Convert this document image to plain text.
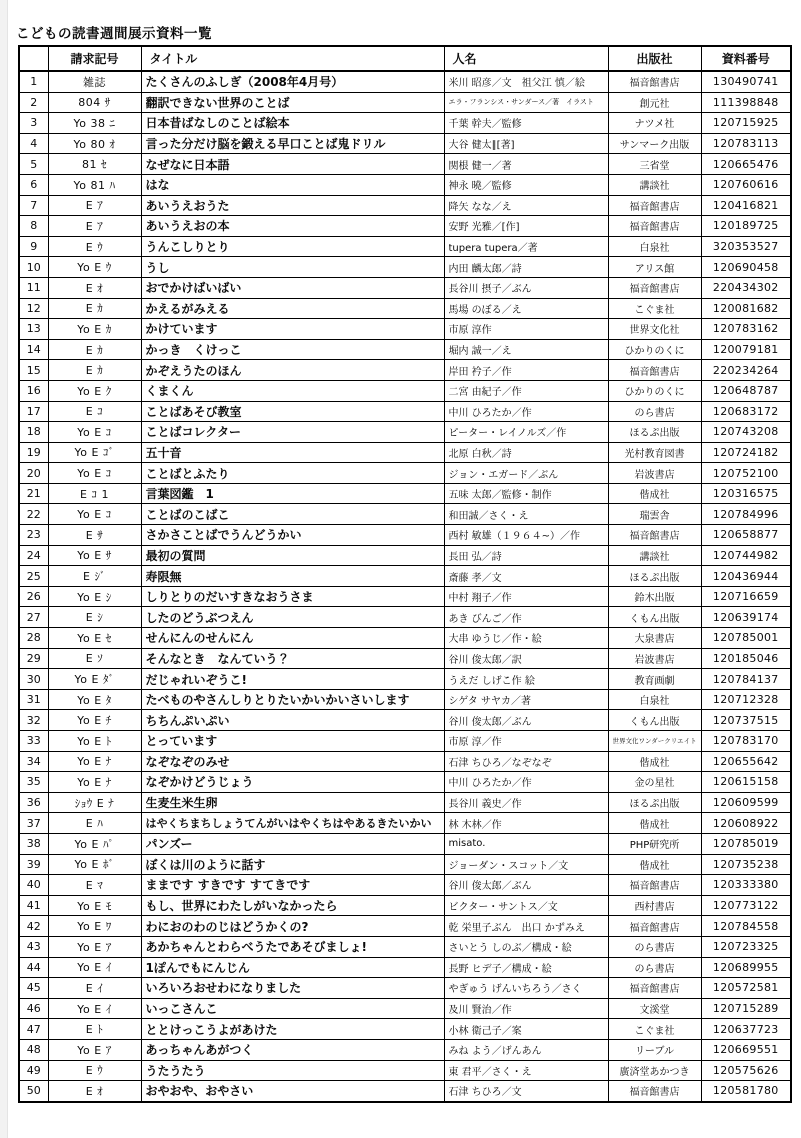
こどもの読書週間展示資料一覧
	請求記号	タイトル	人名	出版社	資料番号
1	雑誌	たくさんのふしぎ（2008年4月号）	米川 昭彦／文　祖父江 慎／絵	福音館書店	130490741
2	804 ｻ	翻訳できない世界のことば	エラ・フランシス・サンダース／著　イラスト	創元社	111398848
3	Yo 38 ﾆ	日本昔ばなしのことば絵本	千葉 幹夫／監修	ナツメ社	120715925
4	Yo 80 ｵ	言った分だけ脳を鍛える早口ことば鬼ドリル	大谷 健太∥[著]	サンマーク出版	120783113
5	81 ｾ	なぜなに日本語	関根 健一／著	三省堂	120665476
6	Yo 81 ﾊ	はな	神永 曉／監修	講談社	120760616
7	E ｱ	あいうえおうた	降矢 なな／え	福音館書店	120416821
8	E ｱ	あいうえおの本	安野 光雅／[作]	福音館書店	120189725
9	E ｳ	うんこしりとり	tupera tupera／著	白泉社	320353527
10	Yo E ｳ	うし	内田 麟太郎／詩	アリス館	120690458
11	E ｵ	おでかけばいばい	長谷川 摂子／ぶん	福音館書店	220434302
12	E ｶ	かえるがみえる	馬場 のぼる／え	こぐま社	120081682
13	Yo E ｶ	かけています	市原 淳作	世界文化社	120783162
14	E ｶ	かっき　くけっこ	堀内 誠一／え	ひかりのくに	120079181
15	E ｶ	かぞえうたのほん	岸田 衿子／作	福音館書店	220234264
16	Yo E ｸ	くまくん	二宮 由紀子／作	ひかりのくに	120648787
17	E ｺ	ことばあそび教室	中川 ひろたか／作	のら書店	120683172
18	Yo E ｺ	ことばコレクター	ピーター・レイノルズ／作	ほるぷ出版	120743208
19	Yo E ｺﾞ	五十音	北原 白秋／詩	光村教育図書	120724182
20	Yo E ｺ	ことばとふたり	ジョン・エガード／ぶん	岩波書店	120752100
21	E ｺ 1	言葉図鑑　1	五味 太郎／監修・制作	偕成社	120316575
22	Yo E ｺ	ことばのこばこ	和田誠／さく・え	瑞雲舎	120784996
23	E ｻ	さかさことばでうんどうかい	西村 敏雄（１９６４~）／作	福音館書店	120658877
24	Yo E ｻ	最初の質問	長田 弘／詩	講談社	120744982
25	E ｼﾞ	寿限無	斎藤 孝／文	ほるぷ出版	120436944
26	Yo E ｼ	しりとりのだいすきなおうさま	中村 翔子／作	鈴木出版	120716659
27	E ｼ	したのどうぶつえん	あき びんご／作	くもん出版	120639174
28	Yo E ｾ	せんにんのせんにん	大串 ゆうじ／作・絵	大泉書店	120785001
29	E ｿ	そんなとき　なんていう？	谷川 俊太郎／訳	岩波書店	120185046
30	Yo E ﾀﾞ	だじゃれいぞうこ!	うえだ しげこ作 絵	教育画劇	120784137
31	Yo E ﾀ	たべものやさんしりとりたいかいかいさいします	シゲタ サヤカ／著	白泉社	120712328
32	Yo E ﾁ	ちちんぷいぷい	谷川 俊太郎／ぶん	くもん出版	120737515
33	Yo E ﾄ	とっています	市原 淳／作	世界文化ワンダークリエイト	120783170
34	Yo E ﾅ	なぞなぞのみせ	石津 ちひろ／なぞなぞ	偕成社	120655642
35	Yo E ﾅ	なぞかけどうじょう	中川 ひろたか／作	金の星社	120615158
36	ｼｮｳ E ﾅ	生麦生米生卵	長谷川 義史／作	ほるぷ出版	120609599
37	E ﾊ	はやくちまちしょうてんがいはやくちはやあるきたいかい	林 木林／作	偕成社	120608922
38	Yo E ﾊﾟ	パンズー	misato.	PHP研究所	120785019
39	Yo E ﾎﾞ	ぼくは川のように話す	ジョーダン・スコット／文	偕成社	120735238
40	E ﾏ	ままです すきです すてきです	谷川 俊太郎／ぶん	福音館書店	120333380
41	Yo E ﾓ	もし、世界にわたしがいなかったら	ビクター・サントス／文	西村書店	120773122
42	Yo E ﾜ	わにおのわのじはどうかくの?	乾 栄里子ぶん　出口 かずみえ	福音館書店	120784558
43	Yo E ｱ	あかちゃんとわらべうたであそびましょ!	さいとう しのぶ／構成・絵	のら書店	120723325
44	Yo E ｲ	1ぽんでもにんじん	長野 ヒデ子／構成・絵	のら書店	120689955
45	E ｲ	いろいろおせわになりました	やぎゅう げんいちろう／さく	福音館書店	120572581
46	Yo E ｲ	いっこさんこ	及川 賢治／作	文溪堂	120715289
47	E ﾄ	ととけっこうよがあけた	小林 衛己子／案	こぐま社	120637723
48	Yo E ｱ	あっちゃんあがつく	みね よう／げんあん	リーブル	120669551
49	E ｳ	うたうたう	東 君平／さく・え	廣済堂あかつき	120575626
50	E ｵ	おやおや、おやさい	石津 ちひろ／文	福音館書店	120581780
